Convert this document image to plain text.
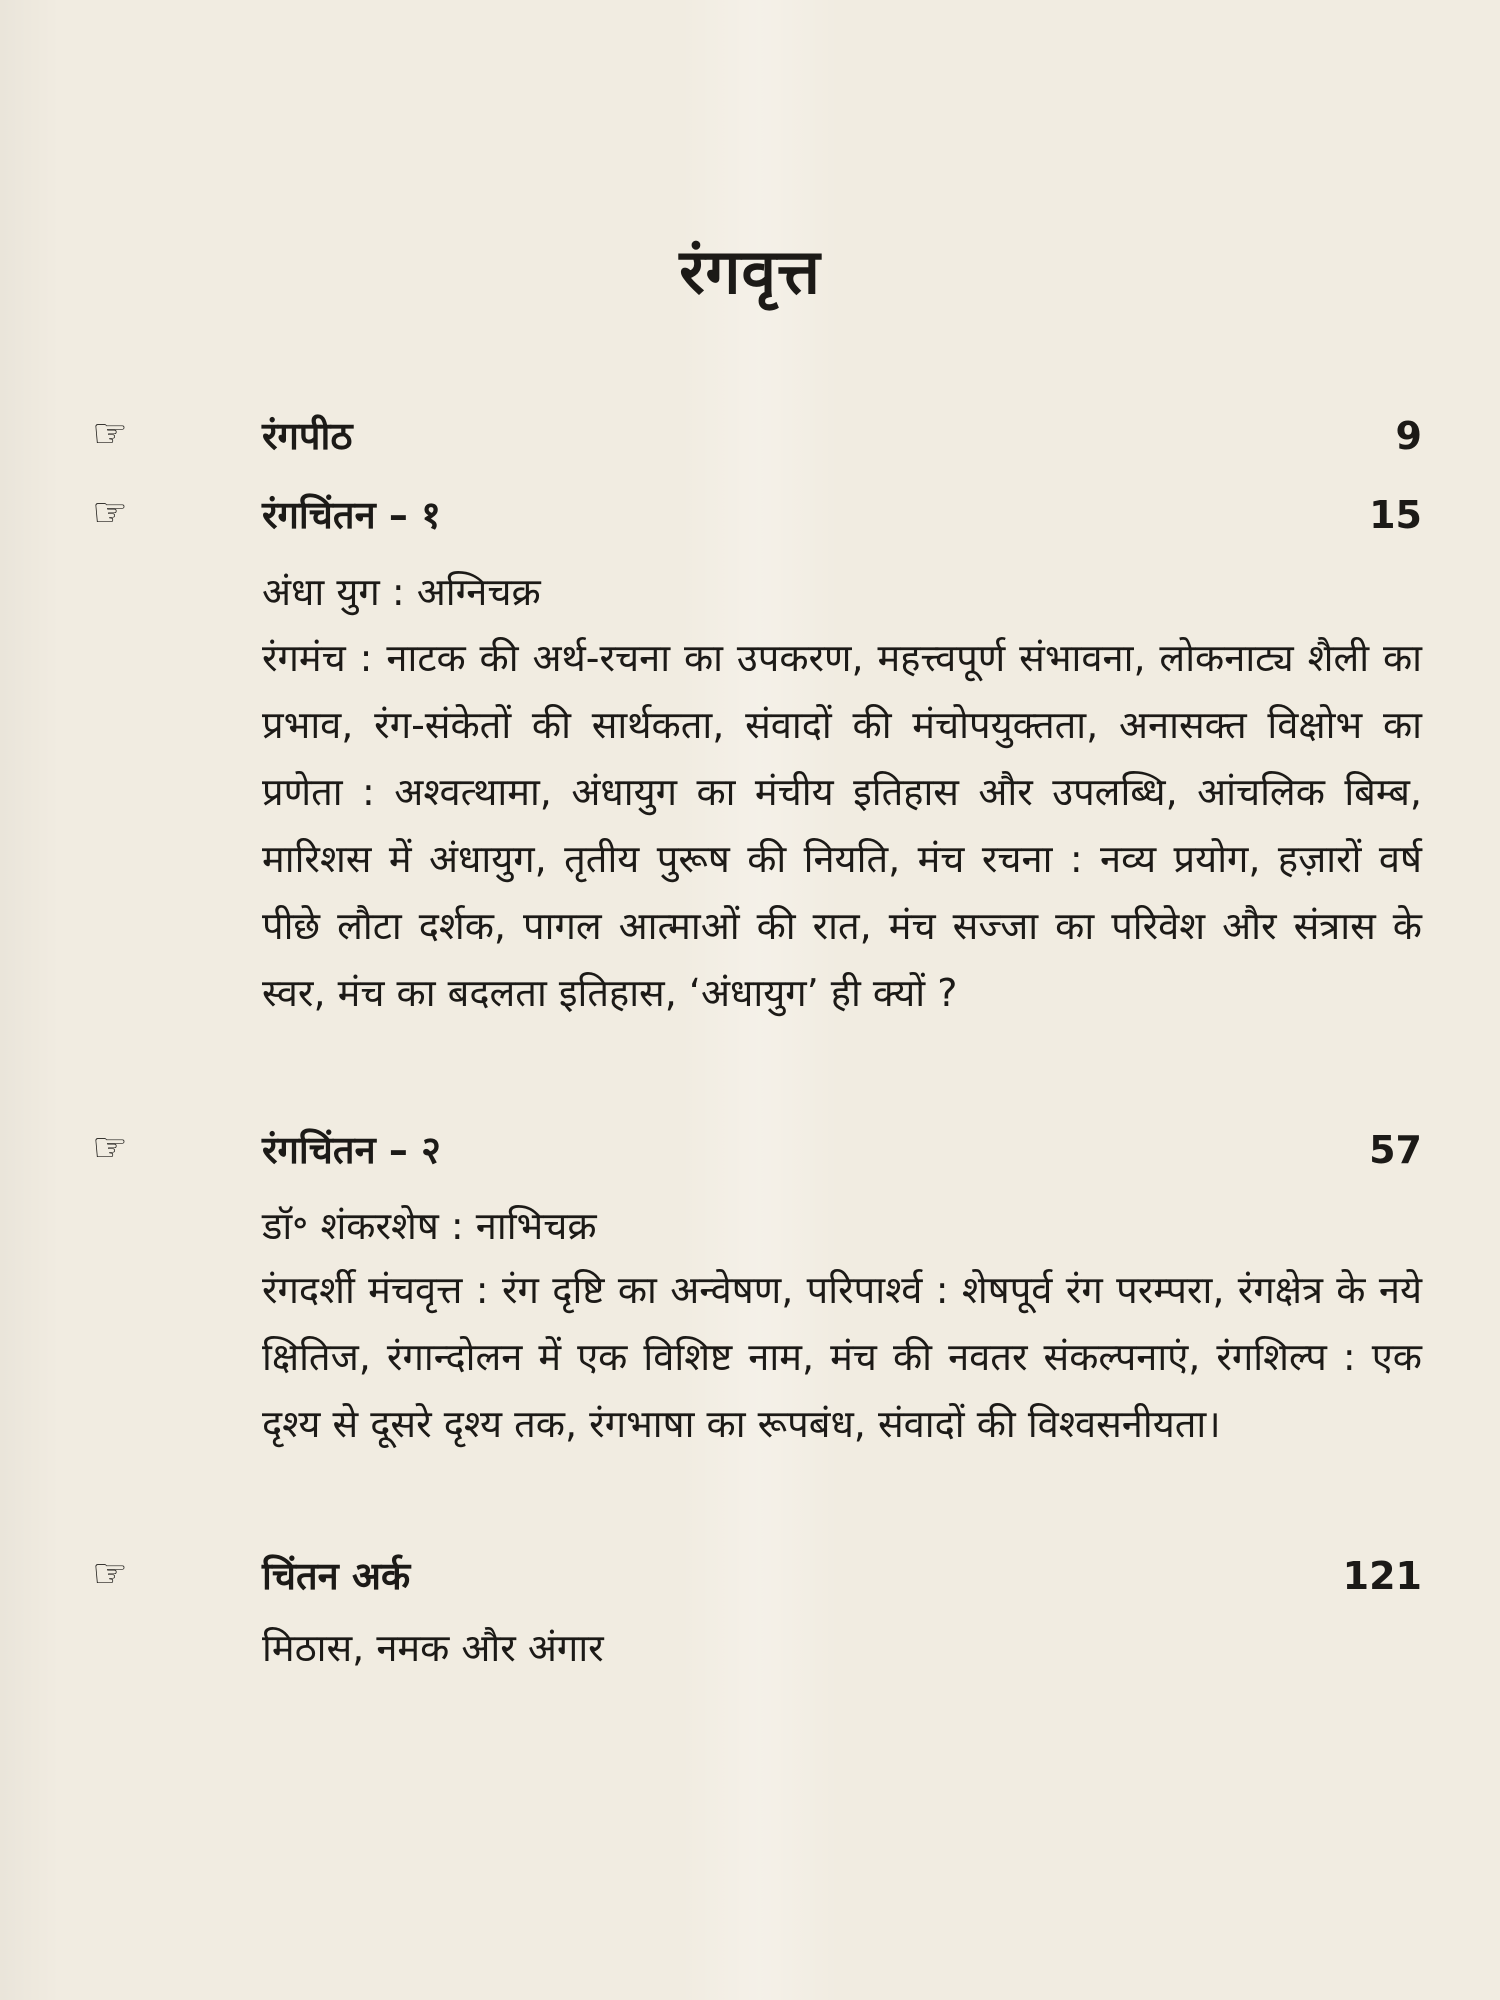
रंगवृत्त
☞	रंगपीठ	9
☞	रंगचिंतन – १	15
अंधा युग : अग्निचक्र

रंगमंच : नाटक की अर्थ-रचना का उपकरण, महत्त्वपूर्ण संभावना, लोकनाट्य शैली का प्रभाव, रंग-संकेतों की सार्थकता, संवादों की मंचोपयुक्तता, अनासक्त विक्षोभ का प्रणेता : अश्वत्थामा, अंधायुग का मंचीय इतिहास और उपलब्धि, आंचलिक बिम्ब, मारिशस में अंधायुग, तृतीय पुरूष की नियति, मंच रचना : नव्य प्रयोग, हज़ारों वर्ष पीछे लौटा दर्शक, पागल आत्माओं की रात, मंच सज्जा का परिवेश और संत्रास के स्वर, मंच का बदलता इतिहास, ‘अंधायुग’ ही क्यों ?

☞	रंगचिंतन – २	57
डॉ॰ शंकरशेष : नाभिचक्र

रंगदर्शी मंचवृत्त : रंग दृष्टि का अन्वेषण, परिपार्श्व : शेषपूर्व रंग परम्परा, रंगक्षेत्र के नये क्षितिज, रंगान्दोलन में एक विशिष्ट नाम, मंच की नवतर संकल्पनाएं, रंगशिल्प : एक दृश्य से दूसरे दृश्य तक, रंगभाषा का रूपबंध, संवादों की विश्वसनीयता।

☞	चिंतन अर्क	121
मिठास, नमक और अंगार
